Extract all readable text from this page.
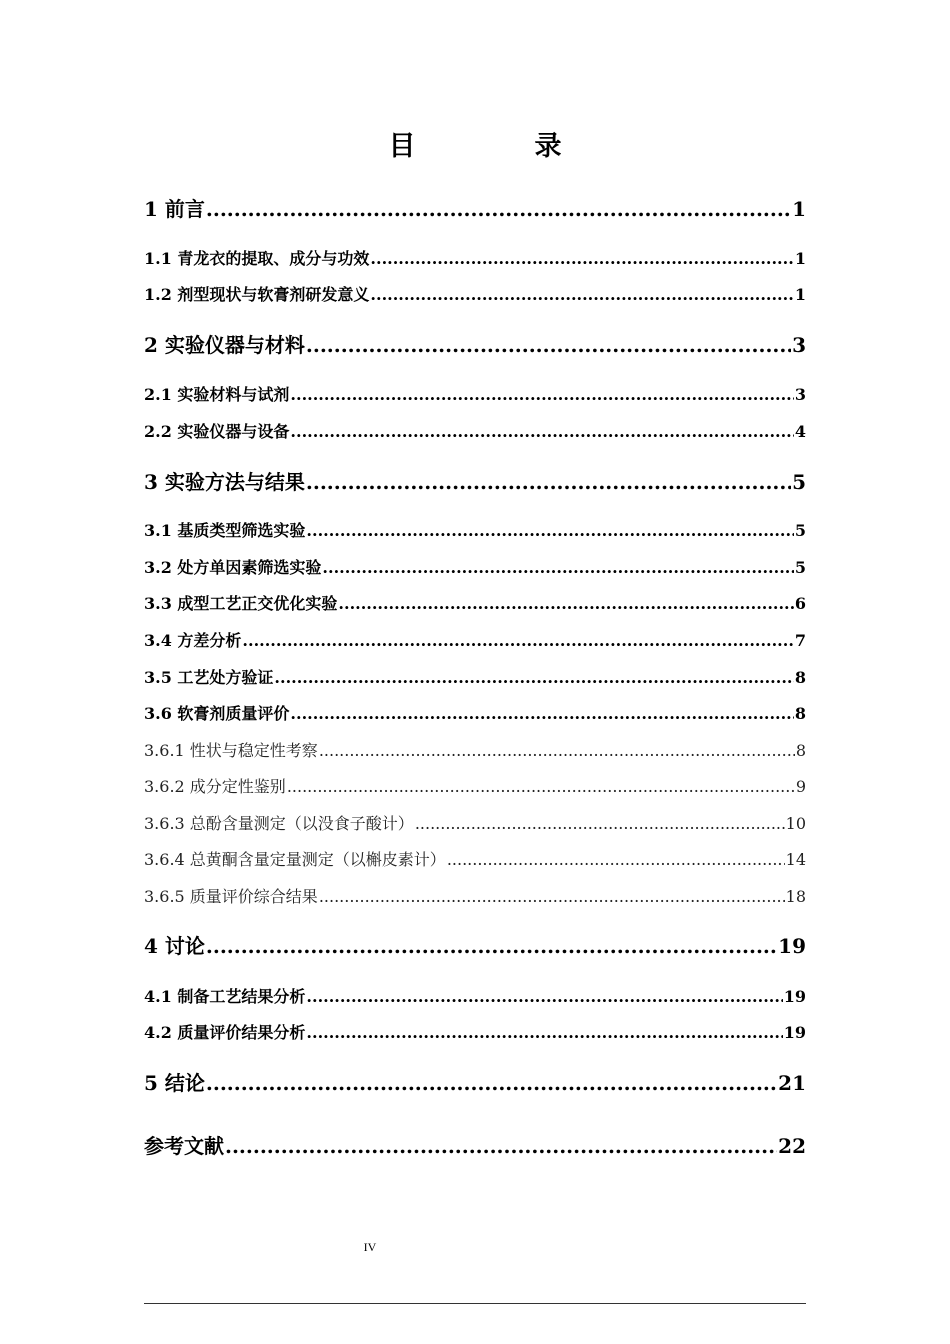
目　录
1 前言 .....	1
1.1 青龙衣的提取、成分与功效 .....	1
1.2 剂型现状与软膏剂研发意义 .....	1
2 实验仪器与材料 .....	3
2.1 实验材料与试剂 .....	3
2.2 实验仪器与设备 .....	4
3 实验方法与结果 .....	5
3.1 基质类型筛选实验 .....	5
3.2 处方单因素筛选实验 .....	5
3.3 成型工艺正交优化实验 .....	6
3.4 方差分析 .....	7
3.5 工艺处方验证 .....	8
3.6 软膏剂质量评价 .....	8
3.6.1 性状与稳定性考察 .....	8
3.6.2 成分定性鉴别 .....	9
3.6.3 总酚含量测定（以没食子酸计） .....	10
3.6.4 总黄酮含量定量测定（以槲皮素计） .....	14
3.6.5 质量评价综合结果 .....	18
4 讨论 .....	19
4.1 制备工艺结果分析 .....	19
4.2 质量评价结果分析 .....	19
5 结论 .....	21
参考文献 .....	22
IV
